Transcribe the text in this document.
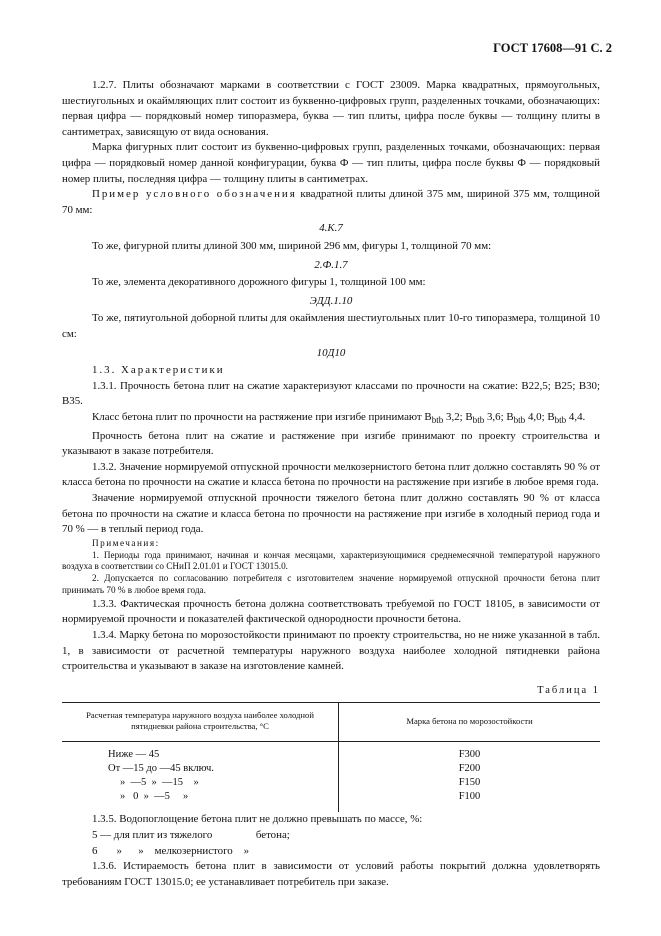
ГОСТ 17608—91 С. 2

1.2.7. Плиты обозначают марками в соответствии с ГОСТ 23009. Марка квадратных, прямоугольных, шестиугольных и окаймляющих плит состоит из буквенно-цифровых групп, разделенных точками, обозначающих: первая цифра — порядковый номер типоразмера, буква — тип плиты, цифра после буквы — толщину плиты в сантиметрах, зависящую от вида основания.

Марка фигурных плит состоит из буквенно-цифровых групп, разделенных точками, обозначающих: первая цифра — порядковый номер данной конфигурации, буква Ф — тип плиты, цифра после буквы Ф — порядковый номер плиты, последняя цифра — толщину плиты в сантиметрах.

Пример условного обозначения квадратной плиты длиной 375 мм, шириной 375 мм, толщиной 70 мм:

4.К.7

То же, фигурной плиты длиной 300 мм, шириной 296 мм, фигуры 1, толщиной 70 мм:

2.Ф.1.7

То же, элемента декоративного дорожного фигуры 1, толщиной 100 мм:

ЭДД.1.10

То же, пятиугольной доборной плиты для окаймления шестиугольных плит 10-го типоразмера, толщиной 10 см:

10Д10

1.3. Характеристики

1.3.1. Прочность бетона плит на сжатие характеризуют классами по прочности на сжатие: В22,5; В25; В30; В35.

Класс бетона плит по прочности на растяжение при изгибе принимают $В_{btb}$ 3,2; $В_{btb}$ 3,6; $В_{btb}$ 4,0; $В_{btb}$ 4,4.

Прочность бетона плит на сжатие и растяжение при изгибе принимают по проекту строительства и указывают в заказе потребителя.

1.3.2. Значение нормируемой отпускной прочности мелкозернистого бетона плит должно составлять 90 % от класса бетона по прочности на сжатие и класса бетона по прочности на растяжение при изгибе в любое время года.

Значение нормируемой отпускной прочности тяжелого бетона плит должно составлять 90 % от класса бетона по прочности на сжатие и класса бетона по прочности на растяжение при изгибе в холодный период года и 70 % — в теплый период года.

Примечания:

1. Периоды года принимают, начиная и кончая месяцами, характеризующимися среднемесячной температурой наружного воздуха в соответствии со СНиП 2.01.01 и ГОСТ 13015.0.

2. Допускается по согласованию потребителя с изготовителем значение нормируемой отпускной прочности бетона плит принимать 70 % в любое время года.

1.3.3. Фактическая прочность бетона должна соответствовать требуемой по ГОСТ 18105, в зависимости от нормируемой прочности и показателей фактической однородности прочности бетона.

1.3.4. Марку бетона по морозостойкости принимают по проекту строительства, но не ниже указанной в табл. 1, в зависимости от расчетной температуры наружного воздуха наиболее холодной пятидневки района строительства и указывают в заказе на изготовление камней.

Таблица 1
Расчетная температура наружного воздуха наиболее холодной пятидневки района строительства, °С	Марка бетона по морозостойкости
Ниже — 45	F300
От —15 до —45 включ.	F200
»  —5  »  —15    »	F150
»   0  »  —5     »	F100

1.3.5. Водопоглощение бетона плит не должно превышать по массе, %:

5 — для плит из тяжелого                бетона;

6       »      »    мелкозернистого    »

1.3.6. Истираемость бетона плит в зависимости от условий работы покрытий должна удовлетворять требованиям ГОСТ 13015.0; ее устанавливает потребитель при заказе.
